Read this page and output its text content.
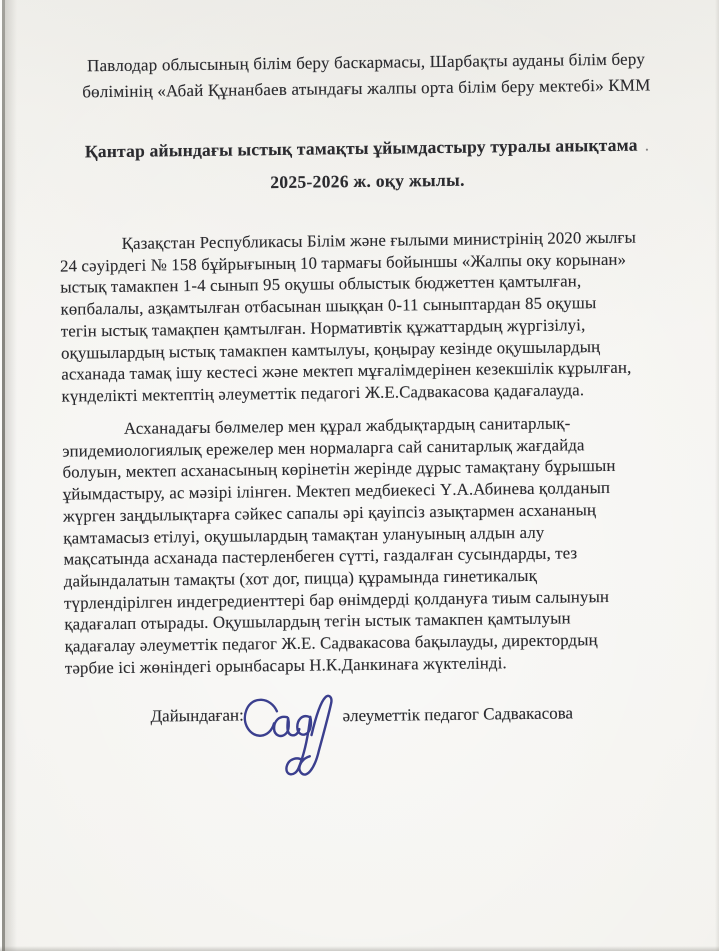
Павлодар облысының білім беру баскармасы, Шарбақты ауданы білім беру бөлімінің «Абай Құнанбаев атындағы жалпы орта білім беру мектебі» КММ
Қантар айындағы ыстық тамақты ұйымдастыру туралы анықтама .
2025-2026 ж. оқу жылы.
Қазақстан Республикасы Білім және ғылыми министрінің 2020 жылғы
24 сәуірдегі № 158 бұйрығының 10 тармағы бойыншы «Жалпы оку корынан»
ыстық тамакпен 1-4 сынып 95 оқушы облыстык бюджеттен қамтылған,
көпбалалы, азқамтылған отбасынан шыққан 0-11 сыныптардан 85 оқушы
тегін ыстық тамақпен қамтылған. Нормативтік құжаттардың жүргізілуі,
оқушылардың ыстық тамакпен камтылуы, қоңырау кезінде оқушылардың
асханада тамақ ішу кестесі және мектеп мұғалімдерінен кезекшілік кұрылған,
күнделікті мектептің әлеуметтік педагогі Ж.Е.Садвакасова қадағалауда.
Асханадағы бөлмелер мен құрал жабдықтардың санитарлық-
эпидемиологиялық ережелер мен нормаларга сай санитарлық жағдайда
болуын, мектеп асханасының көрінетін жерінде дұрыс тамақтану бұрышын
ұйымдастыру, ас мәзірі ілінген. Мектеп медбиекесі Ү.А.Абинева қолданып
жүрген заңдылықтарға сәйкес сапалы әрі қауіпсіз азықтармен асхананың
қамтамасыз етілуі, оқушылардың тамақтан улануының алдын алу
мақсатында асханада пастерленбеген сүтті, газдалған сусындарды, тез
дайындалатын тамақты (хот дог, пицца) құрамында гинетикалық
түрлендірілген индегредиенттері бар өнімдерді қолдануға тиым салынуын
қадағалап отырады. Оқушылардың тегін ыстык тамакпен қамтылуын
қадағалау әлеуметтік педагог Ж.Е. Садвакасова бақылауды, директордың
тәрбие ісі жөніндегі орынбасары Н.К.Данкинаға жүктелінді.
Дайындаған:	әлеуметтік педагог Садвакасова
